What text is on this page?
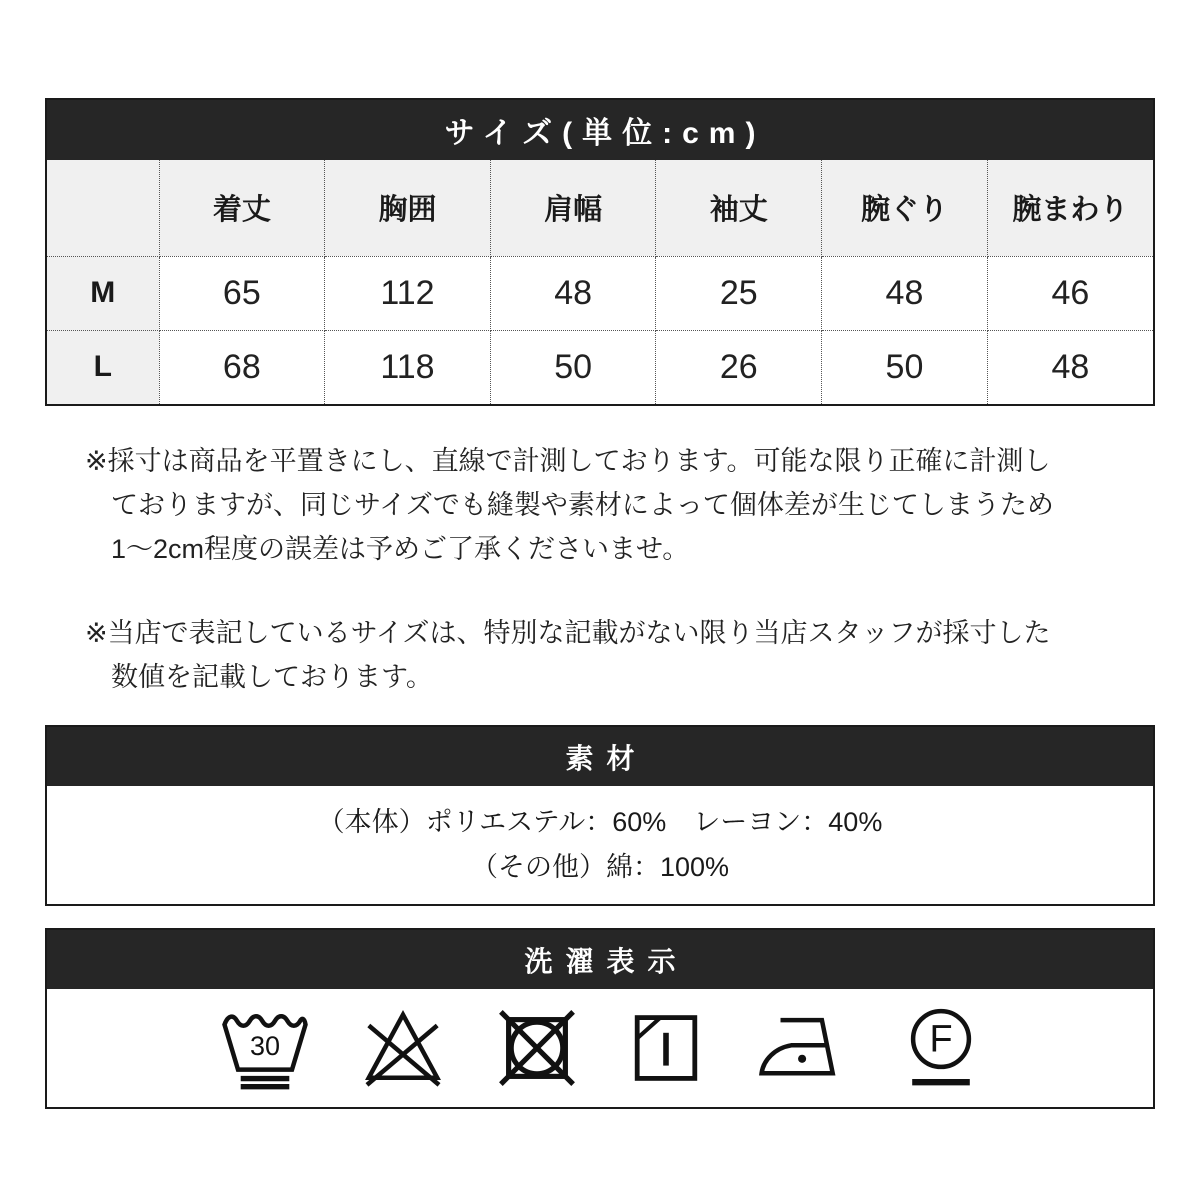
サイズ(単位:cm)
	着丈	胸囲	肩幅	袖丈	腕ぐり	腕まわり
M	65	112	48	25	48	46
L	68	118	50	26	50	48
※採寸は商品を平置きにし、直線で計測しております。可能な限り正確に計測し
ておりますが、同じサイズでも縫製や素材によって個体差が生じてしまうため
1〜2cm程度の誤差は予めご了承くださいませ。
※当店で表記しているサイズは、特別な記載がない限り当店スタッフが採寸した
数値を記載しております。
素材
（本体）ポリエステル：60%　レーヨン：40%
（その他）綿：100%
洗濯表示
30	F
